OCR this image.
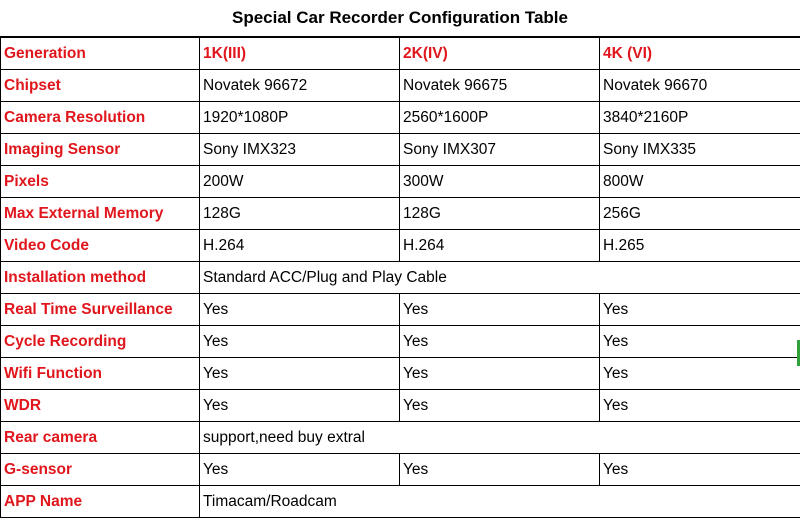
Special Car Recorder Configuration Table
Generation	1K(III)	2K(IV)	4K (VI)
Chipset	Novatek 96672	Novatek 96675	Novatek 96670
Camera Resolution	1920*1080P	2560*1600P	3840*2160P
Imaging Sensor	Sony IMX323	Sony IMX307	Sony IMX335
Pixels	200W	300W	800W
Max External Memory	128G	128G	256G
Video Code	H.264	H.264	H.265
Installation method	Standard ACC/Plug and Play Cable		
Real Time Surveillance	Yes	Yes	Yes
Cycle Recording	Yes	Yes	Yes
Wifi Function	Yes	Yes	Yes
WDR	Yes	Yes	Yes
Rear camera	support,need buy extral		
G-sensor	Yes	Yes	Yes
APP Name	Timacam/Roadcam		
